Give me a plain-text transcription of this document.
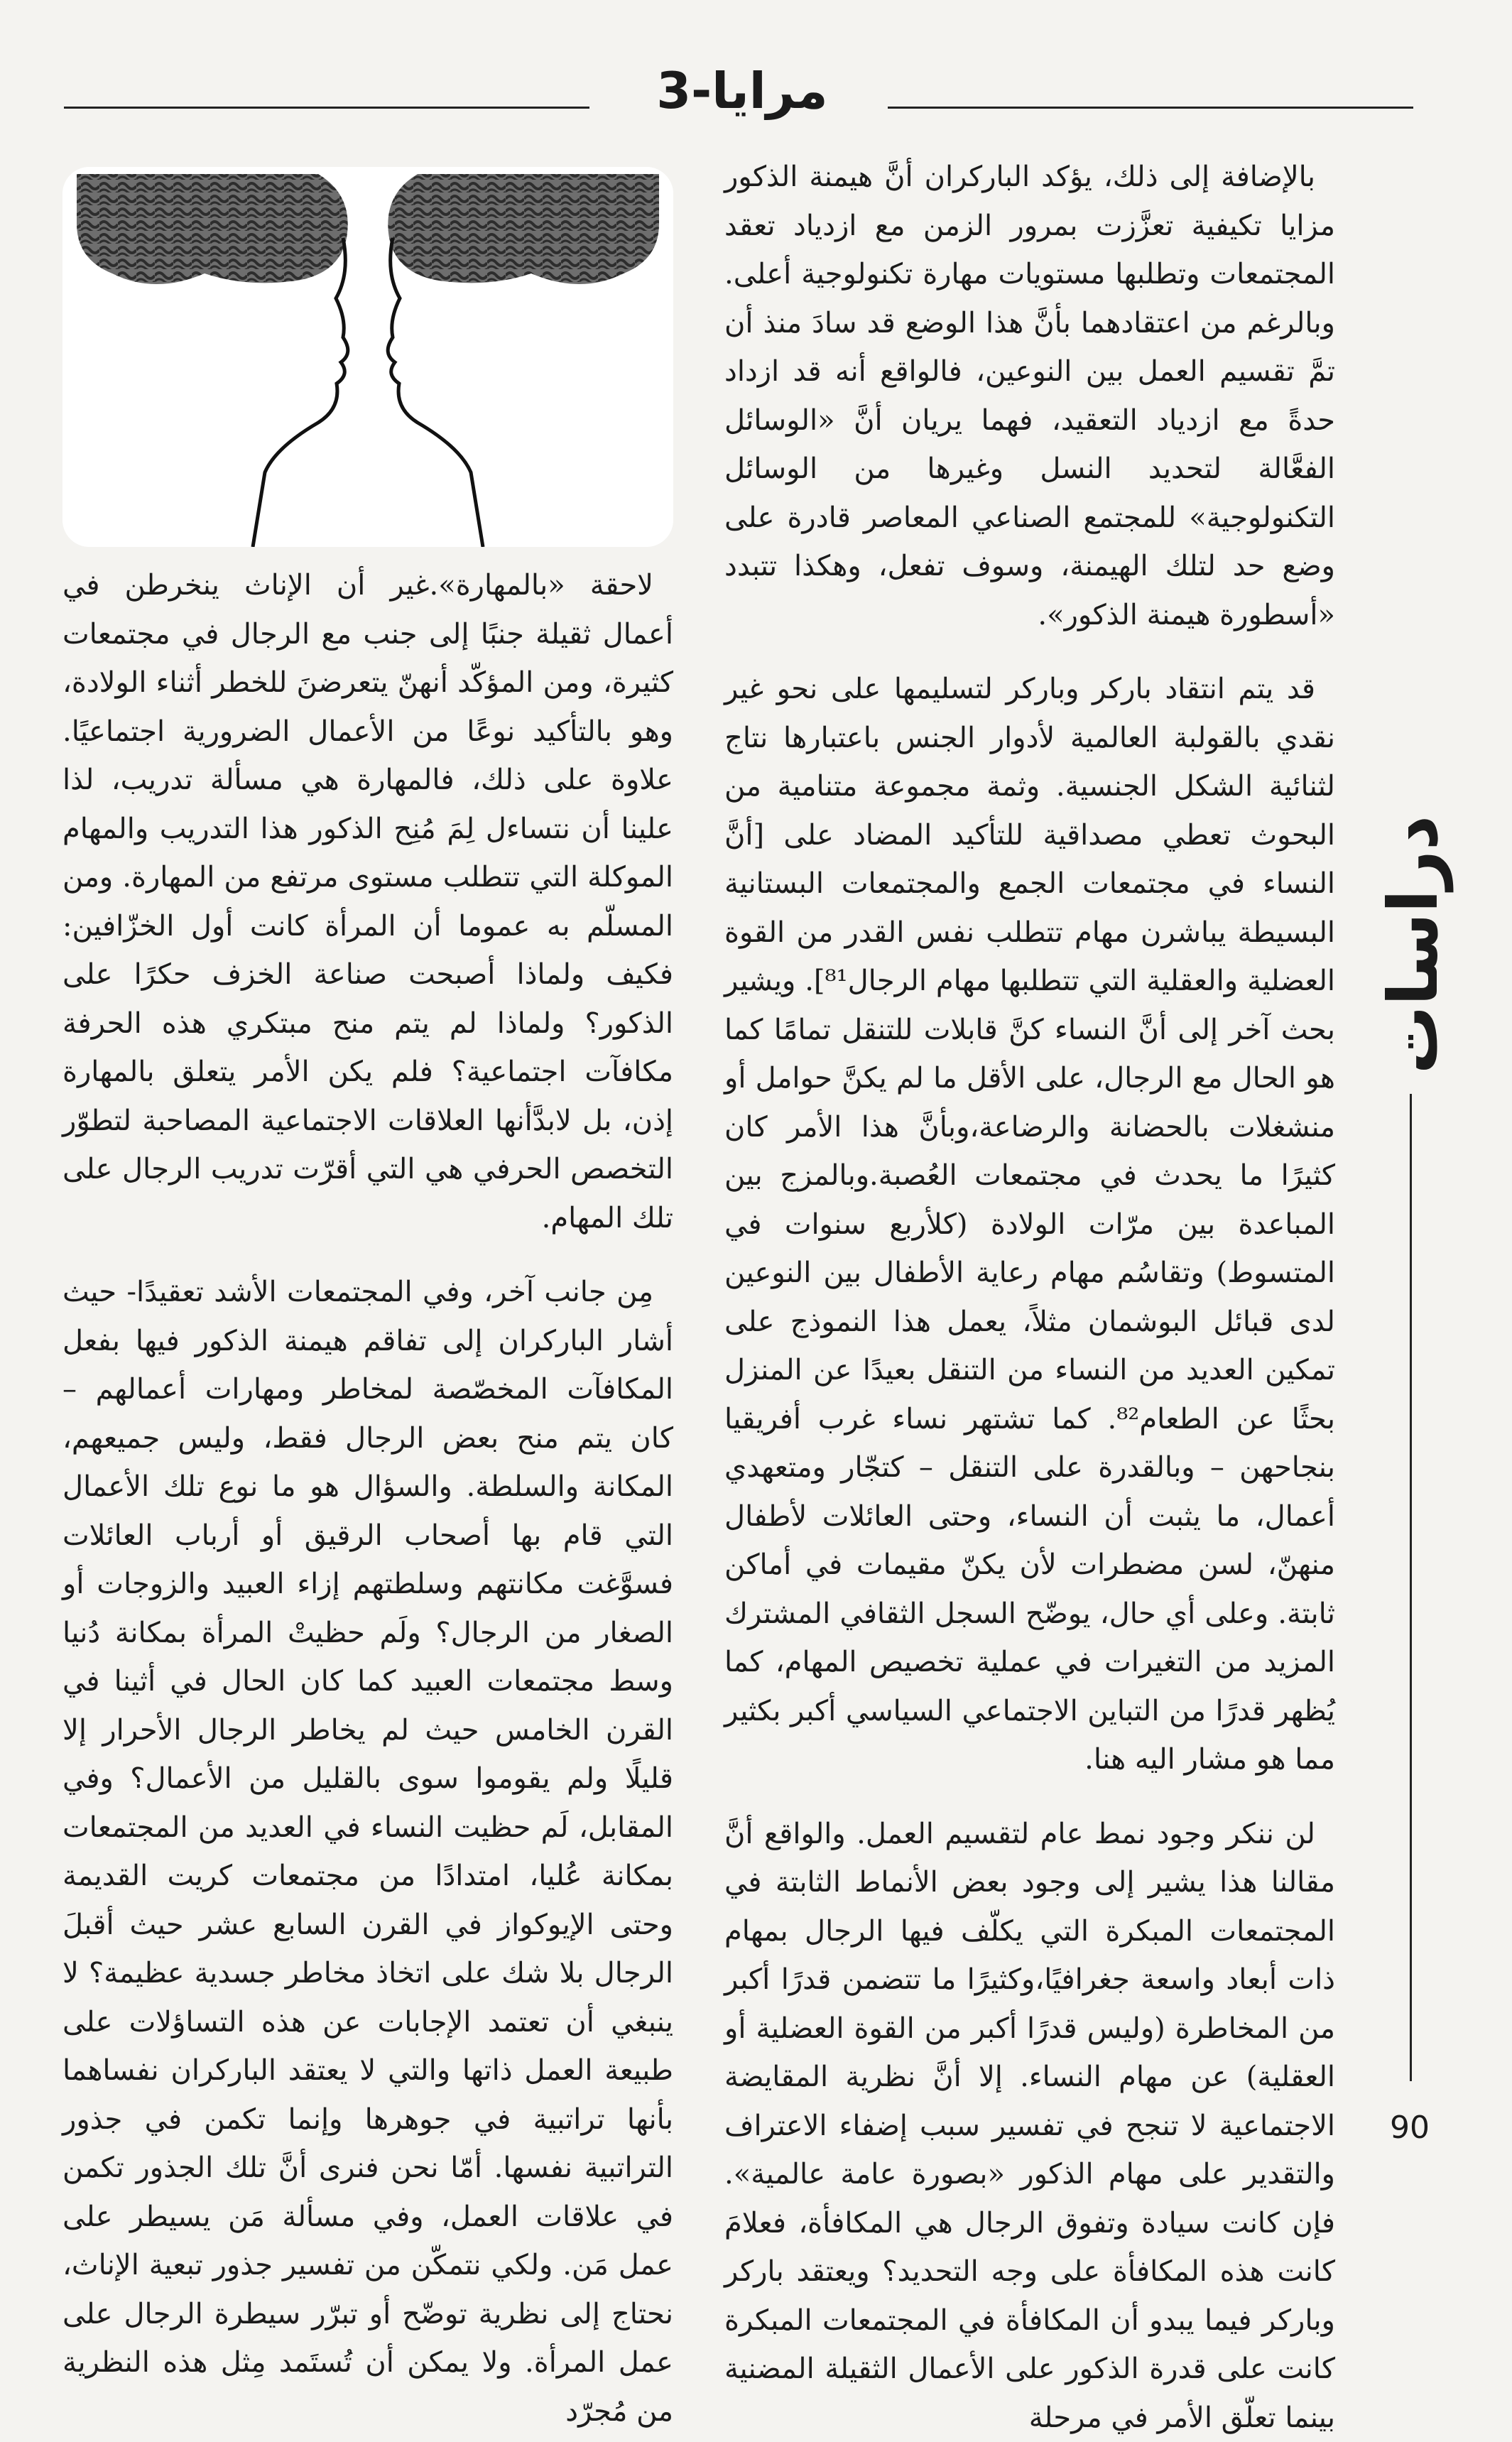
مرايا-3

بالإضافة إلى ذلك، يؤكد الباركران أنَّ هيمنة الذكور مزايا تكيفية تعزَّزت بمرور الزمن مع ازدياد تعقد المجتمعات وتطلبها مستويات مهارة تكنولوجية أعلى. وبالرغم من اعتقادهما بأنَّ هذا الوضع قد سادَ منذ أن تمَّ تقسيم العمل بين النوعين، فالواقع أنه قد ازداد حدةً مع ازدياد التعقيد، فهما يريان أنَّ «الوسائل الفعَّالة لتحديد النسل وغيرها من الوسائل التكنولوجية» للمجتمع الصناعي المعاصر قادرة على وضع حد لتلك الهيمنة، وسوف تفعل، وهكذا تتبدد «أسطورة هيمنة الذكور».

قد يتم انتقاد باركر وباركر لتسليمها على نحو غير نقدي بالقولبة العالمية لأدوار الجنس باعتبارها نتاج لثنائية الشكل الجنسية. وثمة مجموعة متنامية من البحوث تعطي مصداقية للتأكيد المضاد على [أنَّ النساء في مجتمعات الجمع والمجتمعات البستانية البسيطة يباشرن مهام تتطلب نفس القدر من القوة العضلية والعقلية التي تتطلبها مهام الرجال⁸¹]. ويشير بحث آخر إلى أنَّ النساء كنَّ قابلات للتنقل تمامًا كما هو الحال مع الرجال، على الأقل ما لم يكنَّ حوامل أو منشغلات بالحضانة والرضاعة،وبأنَّ هذا الأمر كان كثيرًا ما يحدث في مجتمعات العُصبة.وبالمزج بين المباعدة بين مرّات الولادة (كلأربع سنوات في المتسوط) وتقاسُم مهام رعاية الأطفال بين النوعين لدى قبائل البوشمان مثلاً، يعمل هذا النموذج على تمكين العديد من النساء من التنقل بعيدًا عن المنزل بحثًا عن الطعام⁸². كما تشتهر نساء غرب أفريقيا بنجاحهن – وبالقدرة على التنقل – كتجّار ومتعهدي أعمال، ما يثبت أن النساء، وحتى العائلات لأطفال منهنّ، لسن مضطرات لأن يكنّ مقيمات في أماكن ثابتة. وعلى أي حال، يوضّح السجل الثقافي المشترك المزيد من التغيرات في عملية تخصيص المهام، كما يُظهر قدرًا من التباين الاجتماعي السياسي أكبر بكثير مما هو مشار اليه هنا.

لن ننكر وجود نمط عام لتقسيم العمل. والواقع أنَّ مقالنا هذا يشير إلى وجود بعض الأنماط الثابتة في المجتمعات المبكرة التي يكلّف فيها الرجال بمهام ذات أبعاد واسعة جغرافيًا،وكثيرًا ما تتضمن قدرًا أكبر من المخاطرة (وليس قدرًا أكبر من القوة العضلية أو العقلية) عن مهام النساء. إلا أنَّ نظرية المقايضة الاجتماعية لا تنجح في تفسير سبب إضفاء الاعتراف والتقدير على مهام الذكور «بصورة عامة عالمية». فإن كانت سيادة وتفوق الرجال هي المكافأة، فعلامَ كانت هذه المكافأة على وجه التحديد؟ ويعتقد باركر وباركر فيما يبدو أن المكافأة في المجتمعات المبكرة كانت على قدرة الذكور على الأعمال الثقيلة المضنية بينما تعلّق الأمر في مرحلة

لاحقة «بالمهارة».غير أن الإناث ينخرطن في أعمال ثقيلة جنبًا إلى جنب مع الرجال في مجتمعات كثيرة، ومن المؤكّد أنهنّ يتعرضنَ للخطر أثناء الولادة، وهو بالتأكيد نوعًا من الأعمال الضرورية اجتماعيًا. علاوة على ذلك، فالمهارة هي مسألة تدريب، لذا علينا أن نتساءل لِمَ مُنِح الذكور هذا التدريب والمهام الموكلة التي تتطلب مستوى مرتفع من المهارة. ومن المسلّم به عموما أن المرأة كانت أول الخزّافين: فكيف ولماذا أصبحت صناعة الخزف حكرًا على الذكور؟ ولماذا لم يتم منح مبتكري هذه الحرفة مكافآت اجتماعية؟ فلم يكن الأمر يتعلق بالمهارة إذن، بل لابدَّأنها العلاقات الاجتماعية المصاحبة لتطوّر التخصص الحرفي هي التي أقرّت تدريب الرجال على تلك المهام.

مِن جانب آخر، وفي المجتمعات الأشد تعقيدًا- حيث أشار الباركران إلى تفاقم هيمنة الذكور فيها بفعل المكافآت المخصّصة لمخاطر ومهارات أعمالهم – كان يتم منح بعض الرجال فقط، وليس جميعهم، المكانة والسلطة. والسؤال هو ما نوع تلك الأعمال التي قام بها أصحاب الرقيق أو أرباب العائلات فسوَّغت مكانتهم وسلطتهم إزاء العبيد والزوجات أو الصغار من الرجال؟ ولَم حظيتْ المرأة بمكانة دُنيا وسط مجتمعات العبيد كما كان الحال في أثينا في القرن الخامس حيث لم يخاطر الرجال الأحرار إلا قليلًا ولم يقوموا سوى بالقليل من الأعمال؟ وفي المقابل، لَم حظيت النساء في العديد من المجتمعات بمكانة عُليا، امتدادًا من مجتمعات كريت القديمة وحتى الإيوكواز في القرن السابع عشر حيث أقبلَ الرجال بلا شك على اتخاذ مخاطر جسدية عظيمة؟ لا ينبغي أن تعتمد الإجابات عن هذه التساؤلات على طبيعة العمل ذاتها والتي لا يعتقد الباركران نفساهما بأنها تراتبية في جوهرها وإنما تكمن في جذور التراتبية نفسها. أمّا نحن فنرى أنَّ تلك الجذور تكمن في علاقات العمل، وفي مسألة مَن يسيطر على عمل مَن. ولكي نتمكّن من تفسير جذور تبعية الإناث، نحتاج إلى نظرية توضّح أو تبرّر سيطرة الرجال على عمل المرأة. ولا يمكن أن تُستَمد مِثل هذه النظرية من مُجرّد

دراسات
90
